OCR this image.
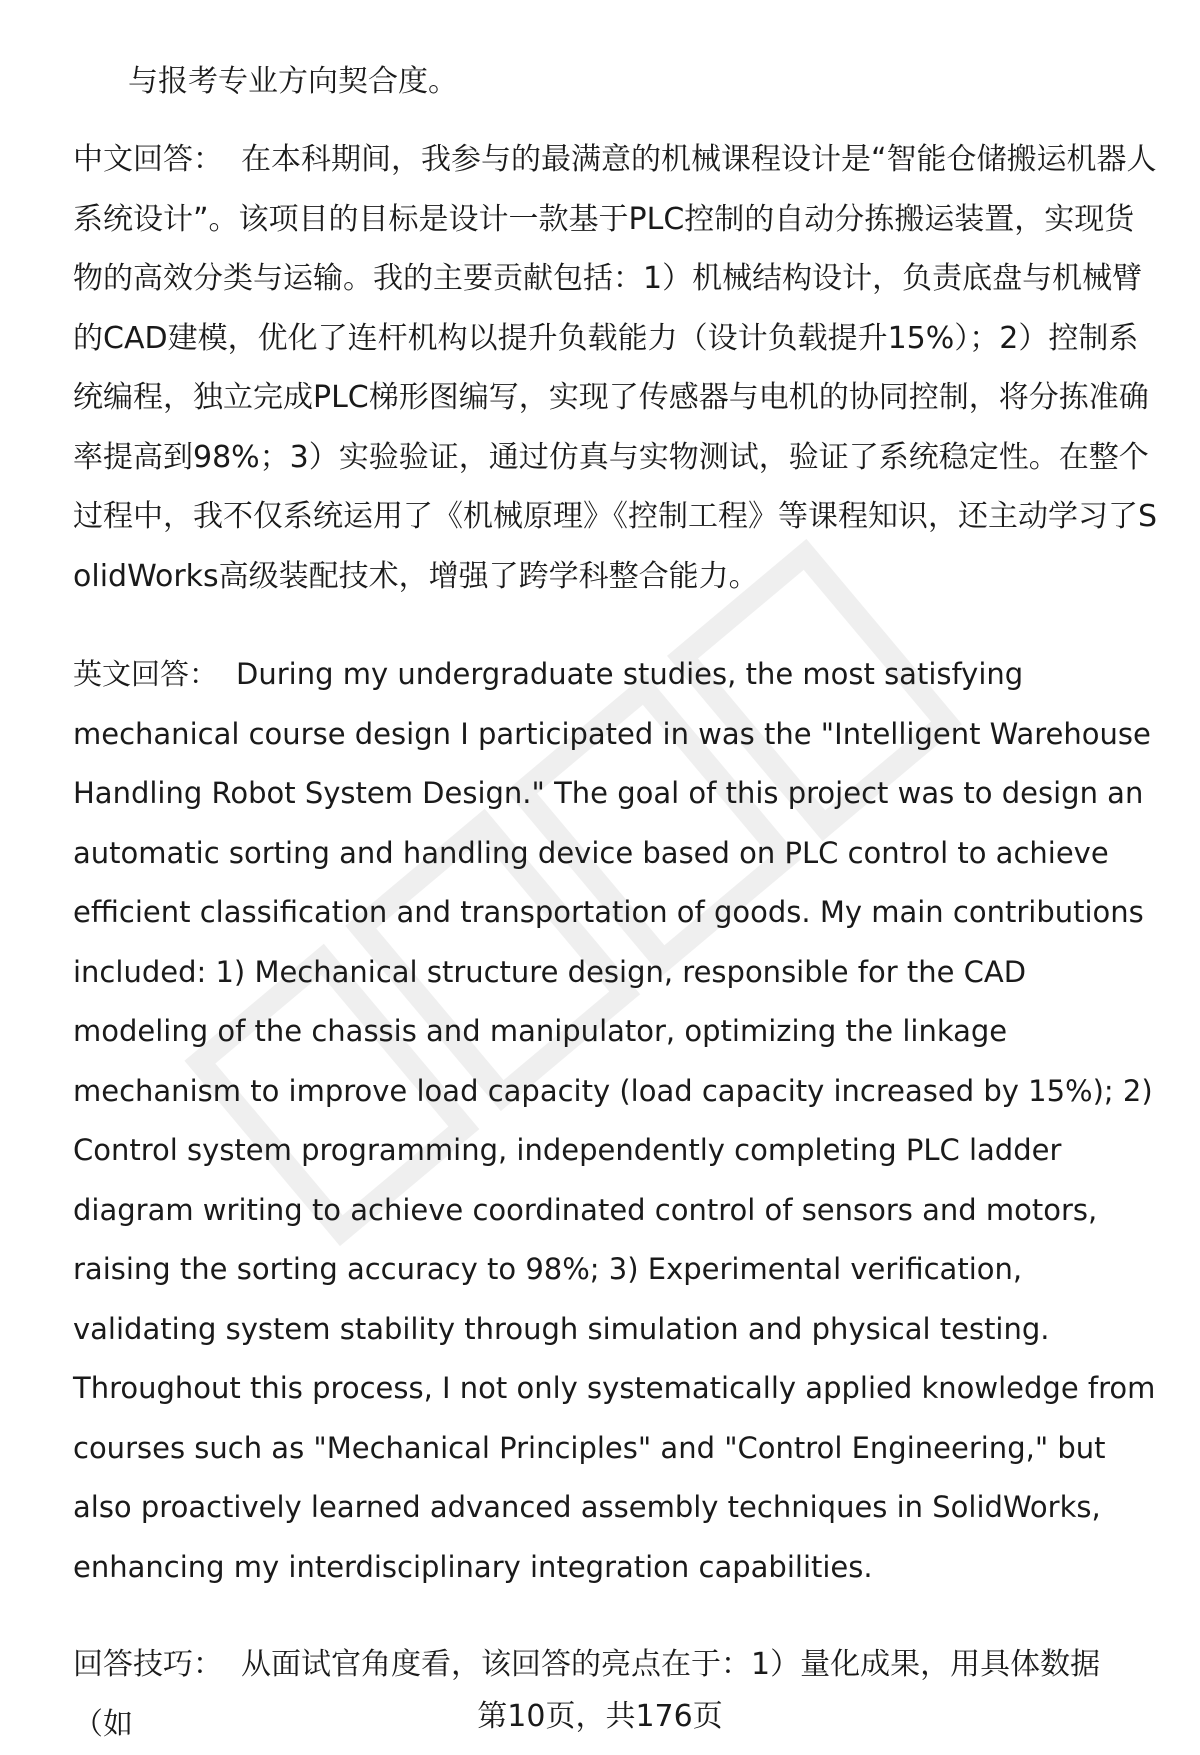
与报考专业方向契合度。
中文回答： 在本科期间，我参与的最满意的机械课程设计是“智能仓储搬运机器人系统设计”。该项目的目标是设计一款基于PLC控制的自动分拣搬运装置，实现货物的高效分类与运输。我的主要贡献包括：1）机械结构设计，负责底盘与机械臂的CAD建模，优化了连杆机构以提升负载能力（设计负载提升15%）；2）控制系统编程，独立完成PLC梯形图编写，实现了传感器与电机的协同控制，将分拣准确率提高到98%；3）实验验证，通过仿真与实物测试，验证了系统稳定性。在整个过程中，我不仅系统运用了《机械原理》《控制工程》等课程知识，还主动学习了SolidWorks高级装配技术，增强了跨学科整合能力。
英文回答： During my undergraduate studies, the most satisfying mechanical course design I participated in was the "Intelligent Warehouse Handling Robot System Design." The goal of this project was to design an automatic sorting and handling device based on PLC control to achieve efficient classification and transportation of goods. My main contributions included: 1) Mechanical structure design, responsible for the CAD modeling of the chassis and manipulator, optimizing the linkage mechanism to improve load capacity (load capacity increased by 15%); 2) Control system programming, independently completing PLC ladder diagram writing to achieve coordinated control of sensors and motors, raising the sorting accuracy to 98%; 3) Experimental verification, validating system stability through simulation and physical testing. Throughout this process, I not only systematically applied knowledge from courses such as "Mechanical Principles" and "Control Engineering," but also proactively learned advanced assembly techniques in SolidWorks, enhancing my interdisciplinary integration capabilities.
回答技巧： 从面试官角度看，该回答的亮点在于：1）量化成果，用具体数据（如	第10页，共176页
